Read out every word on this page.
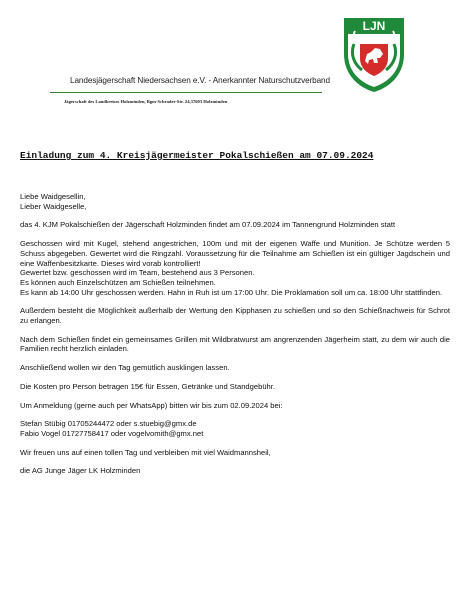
Landesjägerschaft Niedersachsen e.V. - Anerkannter Naturschutzverband
Jägerschaft des Landkreises Holzminden, Bgm-Schrader-Str. 24,37603 Holzminden
LJN
Einladung zum 4. Kreisjägermeister Pokalschießen am 07.09.2024

Liebe Waidgesellin,
Lieber Waidgeselle,

das 4. KJM Pokalschießen der Jägerschaft Holzminden findet am 07.09.2024 im Tannengrund Holzminden statt

Geschossen wird mit Kugel, stehend angestrichen, 100m und mit der eigenen Waffe und Munition. Je Schütze werden 5 Schuss abgegeben. Gewertet wird die Ringzahl. Voraussetzung für die Teilnahme am Schießen ist ein gültiger Jagdschein und eine Waffenbesitzkarte. Dieses wird vorab kontrolliert!

Gewertet bzw. geschossen wird im Team, bestehend aus 3 Personen.

Es können auch Einzelschützen am Schießen teilnehmen.

Es kann ab 14:00 Uhr geschossen werden. Hahn in Ruh ist um 17:00 Uhr. Die Proklamation soll um ca. 18:00 Uhr stattfinden.

Außerdem besteht die Möglichkeit außerhalb der Wertung den Kipphasen zu schießen und so den Schießnachweis für Schrot zu erlangen.

Nach dem Schießen findet ein gemeinsames Grillen mit Wildbratwurst am angrenzenden Jägerheim statt, zu dem wir auch die Familien recht herzlich einladen.

Anschließend wollen wir den Tag gemütlich ausklingen lassen.

Die Kosten pro Person betragen 15€ für Essen, Getränke und Standgebühr.

Um Anmeldung (gerne auch per WhatsApp) bitten wir bis zum 02.09.2024 bei:

Stefan Stübig 01705244472 oder s.stuebig@gmx.de
Fabio Vogel 01727758417 oder vogelvomith@gmx.net

Wir freuen uns auf einen tollen Tag und verbleiben mit viel Waidmannsheil,

die AG Junge Jäger LK Holzminden
